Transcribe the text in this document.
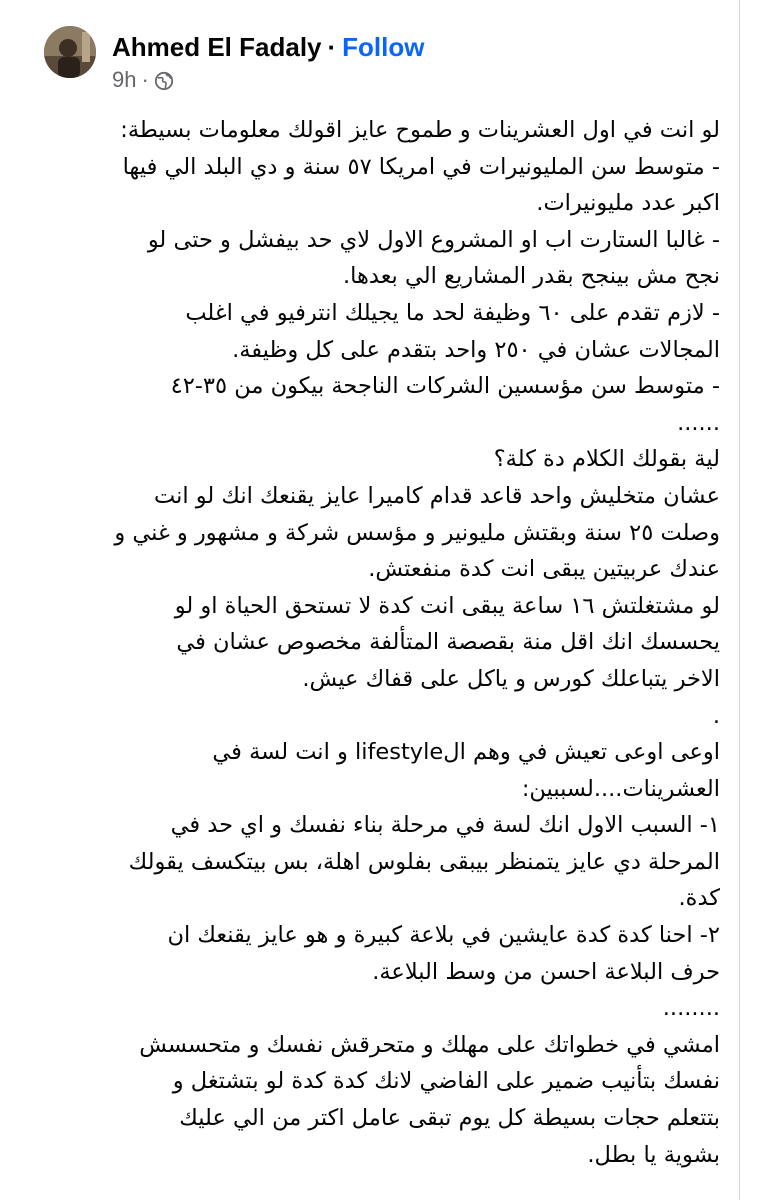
Ahmed El Fadaly · Follow
9h ·

لو انت في اول العشرينات و طموح عايز اقولك معلومات بسيطة:

- متوسط سن المليونيرات في امريكا ٥٧ سنة و دي البلد الي فيها

اكبر عدد مليونيرات.

- غالبا الستارت اب او المشروع الاول لاي حد بيفشل و حتى لو

نجح مش بينجح بقدر المشاريع الي بعدها.

- لازم تقدم على ٦٠ وظيفة لحد ما يجيلك انترفيو في اغلب

المجالات عشان في ٢٥٠ واحد بتقدم على كل وظيفة.

- متوسط سن مؤسسين الشركات الناجحة بيكون من ٣٥-٤٢

......

لية بقولك الكلام دة كلة؟

عشان متخليش واحد قاعد قدام كاميرا عايز يقنعك انك لو انت

وصلت ٢٥ سنة وبقتش مليونير و مؤسس شركة و مشهور و غني و

عندك عربيتين يبقى انت كدة منفعتش.

لو مشتغلتش ١٦ ساعة يبقى انت كدة لا تستحق الحياة او لو

يحسسك انك اقل منة بقصصة المتألفة مخصوص عشان في

الاخر يتباعلك كورس و ياكل على قفاك عيش.

.

اوعى اوعى تعيش في وهم الlifestyle و انت لسة في

العشرينات....لسببين:

١- السبب الاول انك لسة في مرحلة بناء نفسك و اي حد في

المرحلة دي عايز يتمنظر بيبقى بفلوس اهلة، بس بيتكسف يقولك

كدة.

٢- احنا كدة كدة عايشين في بلاعة كبيرة و هو عايز يقنعك ان

حرف البلاعة احسن من وسط البلاعة.

........

امشي في خطواتك على مهلك و متحرقش نفسك و متحسسش

نفسك بتأنيب ضمير على الفاضي لانك كدة كدة لو بتشتغل و

بتتعلم حجات بسيطة كل يوم تبقى عامل اكتر من الي عليك

بشوية يا بطل.
